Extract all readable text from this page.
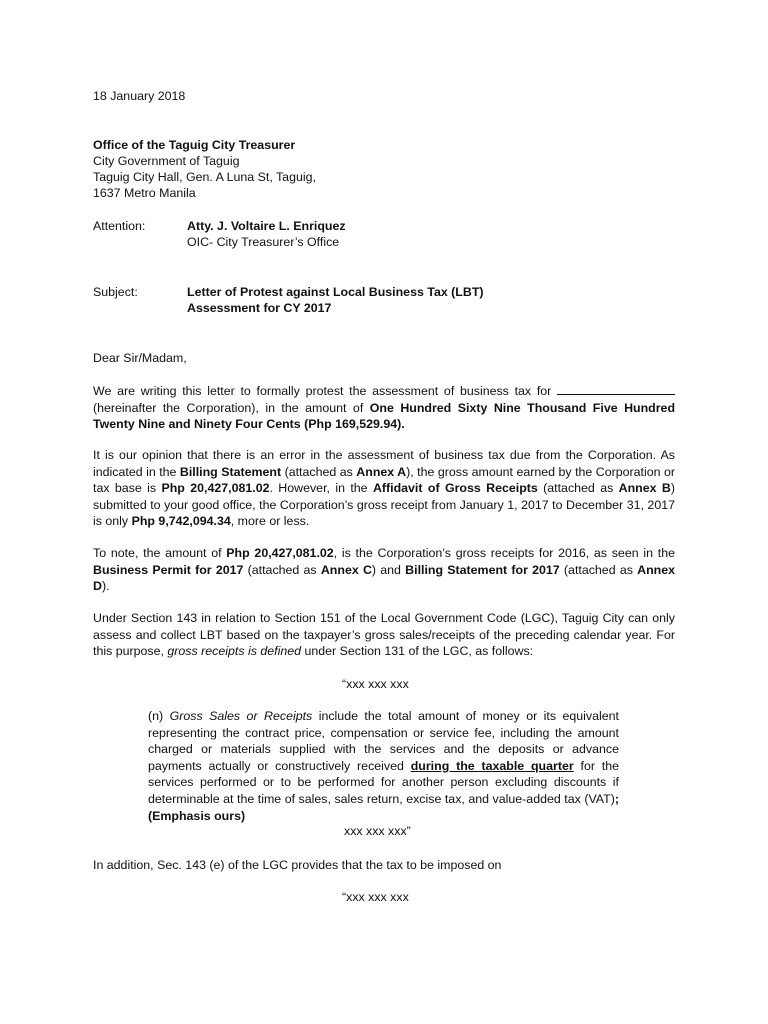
18 January 2018
Office of the Taguig City Treasurer
City Government of Taguig
Taguig City Hall, Gen. A Luna St, Taguig,
1637 Metro Manila
Attention:	Atty. J. Voltaire L. Enriquez
OIC- City Treasurer’s Office
Subject:	Letter of Protest against Local Business Tax (LBT)
Assessment for CY 2017
Dear Sir/Madam,

We are writing this letter to formally protest the assessment of business tax for  (hereinafter the Corporation), in the amount of One Hundred Sixty Nine Thousand Five Hundred Twenty Nine and Ninety Four Cents (Php 169,529.94).

It is our opinion that there is an error in the assessment of business tax due from the Corporation. As indicated in the Billing Statement (attached as Annex A), the gross amount earned by the Corporation or tax base is Php 20,427,081.02. However, in the Affidavit of Gross Receipts (attached as Annex B) submitted to your good office, the Corporation’s gross receipt from January 1, 2017 to December 31, 2017 is only Php 9,742,094.34, more or less.

To note, the amount of Php 20,427,081.02, is the Corporation’s gross receipts for 2016, as seen in the Business Permit for 2017 (attached as Annex C) and Billing Statement for 2017 (attached as Annex D).

Under Section 143 in relation to Section 151 of the Local Government Code (LGC), Taguig City can only assess and collect LBT based on the taxpayer’s gross sales/receipts of the preceding calendar year. For this purpose, gross receipts is defined under Section 131 of the LGC, as follows:

“xxx xxx xxx

(n) Gross Sales or Receipts include the total amount of money or its equivalent representing the contract price, compensation or service fee, including the amount charged or materials supplied with the services and the deposits or advance payments actually or constructively received during the taxable quarter for the services performed or to be performed for another person excluding discounts if determinable at the time of sales, sales return, excise tax, and value-added tax (VAT); (Emphasis ours)

xxx xxx xxx”

In addition, Sec. 143 (e) of the LGC provides that the tax to be imposed on

“xxx xxx xxx
